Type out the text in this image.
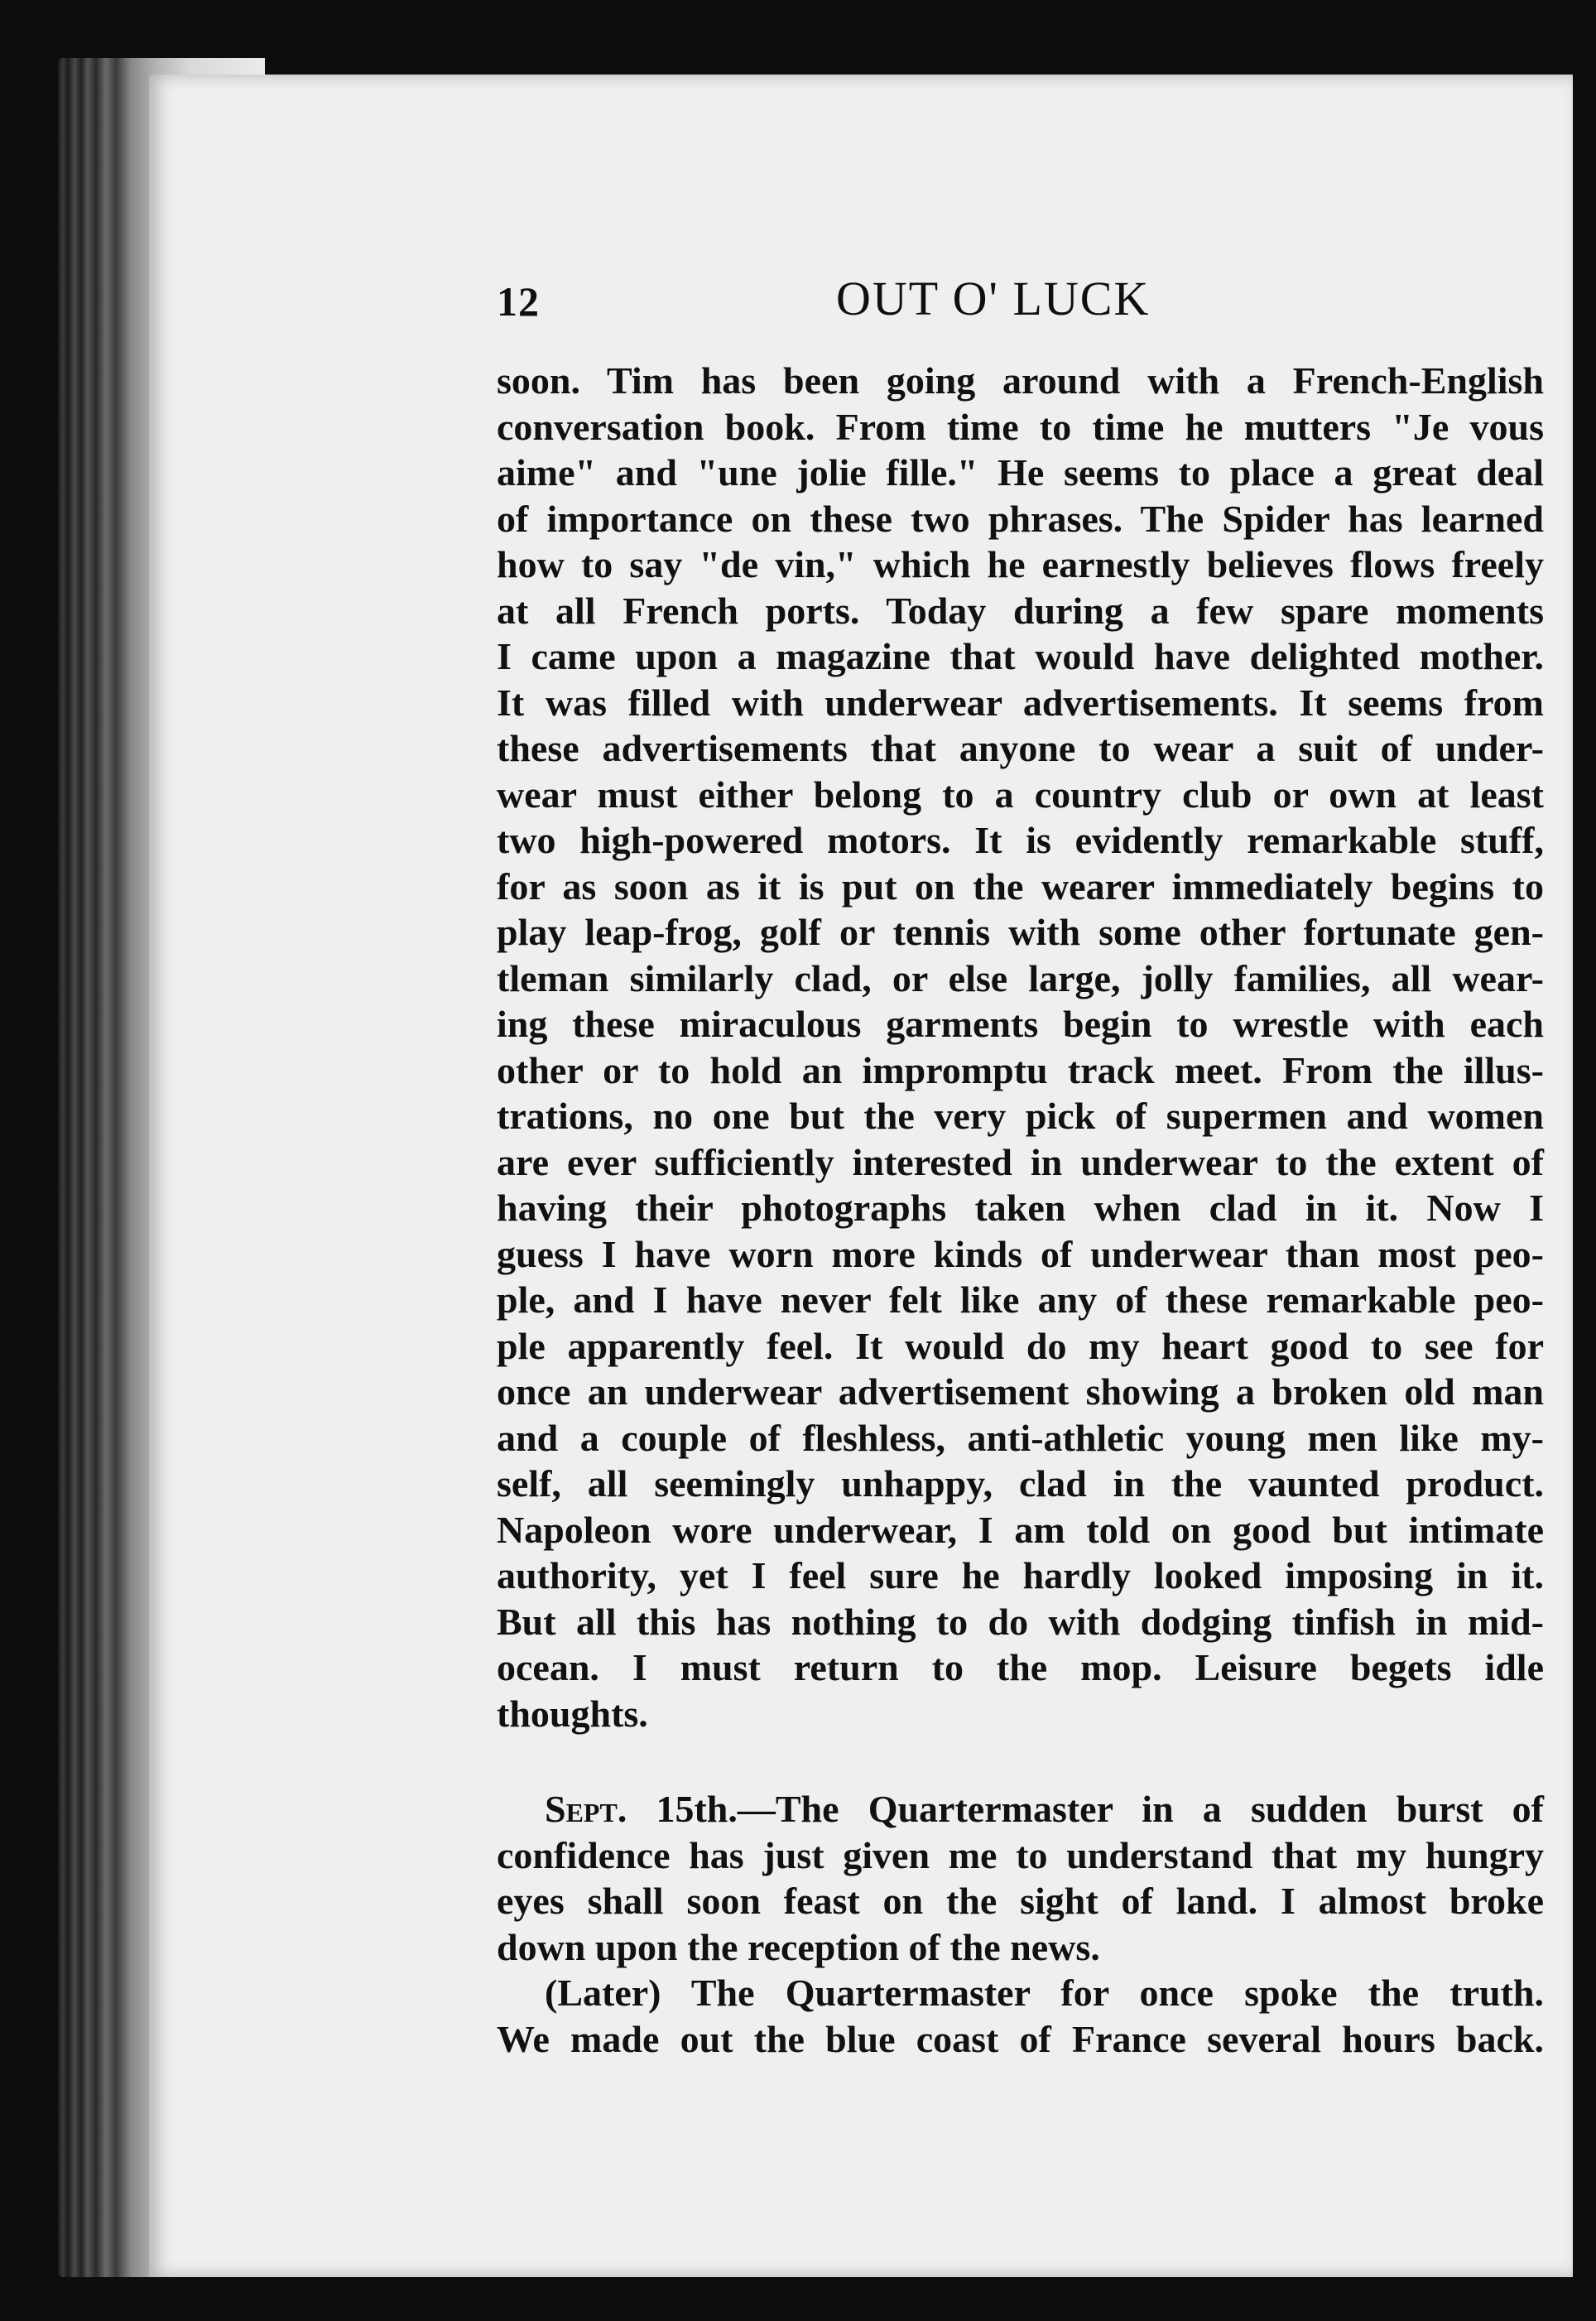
12	OUT O' LUCK
soon. Tim has been going around with a French-English
conversation book. From time to time he mutters "Je vous
aime" and "une jolie fille." He seems to place a great deal
of importance on these two phrases. The Spider has learned
how to say "de vin," which he earnestly believes flows freely
at all French ports. Today during a few spare moments
I came upon a magazine that would have delighted mother.
It was filled with underwear advertisements. It seems from
these advertisements that anyone to wear a suit of under-
wear must either belong to a country club or own at least
two high-powered motors. It is evidently remarkable stuff,
for as soon as it is put on the wearer immediately begins to
play leap-frog, golf or tennis with some other fortunate gen-
tleman similarly clad, or else large, jolly families, all wear-
ing these miraculous garments begin to wrestle with each
other or to hold an impromptu track meet. From the illus-
trations, no one but the very pick of supermen and women
are ever sufficiently interested in underwear to the extent of
having their photographs taken when clad in it. Now I
guess I have worn more kinds of underwear than most peo-
ple, and I have never felt like any of these remarkable peo-
ple apparently feel. It would do my heart good to see for
once an underwear advertisement showing a broken old man
and a couple of fleshless, anti-athletic young men like my-
self, all seemingly unhappy, clad in the vaunted product.
Napoleon wore underwear, I am told on good but intimate
authority, yet I feel sure he hardly looked imposing in it.
But all this has nothing to do with dodging tinfish in mid-
ocean. I must return to the mop. Leisure begets idle
thoughts.
Sept. 15th.—The Quartermaster in a sudden burst of
confidence has just given me to understand that my hungry
eyes shall soon feast on the sight of land. I almost broke
down upon the reception of the news.
(Later) The Quartermaster for once spoke the truth.
We made out the blue coast of France several hours back.
